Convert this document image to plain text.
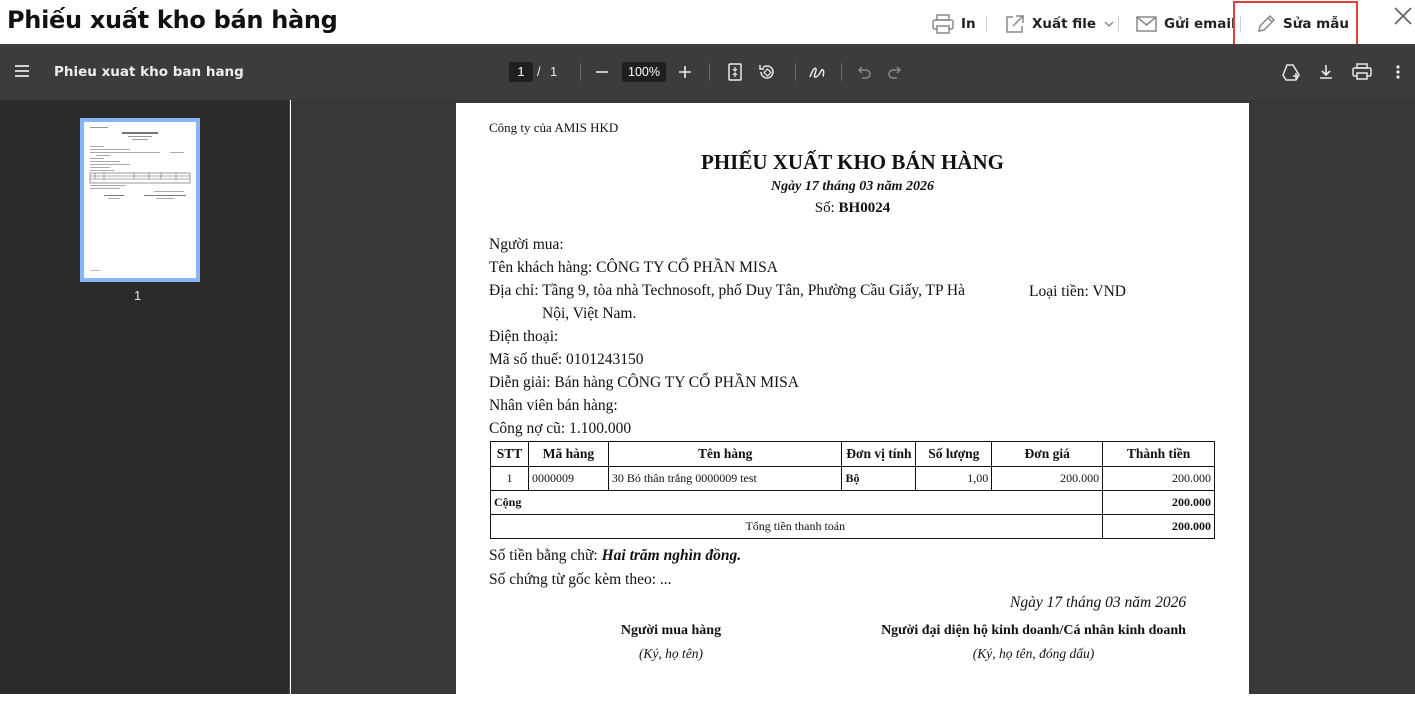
Phiếu xuất kho bán hàng	In	Xuất file	Gửi email	Sửa mẫu
Phieu xuat kho ban hang	1 / 1	100%
1
Công ty của AMIS HKD
PHIẾU XUẤT KHO BÁN HÀNG
Ngày 17 tháng 03 năm 2026
Số: BH0024
Người mua:
Tên khách hàng: CÔNG TY CỔ PHẦN MISA
Địa chỉ: Tầng 9, tòa nhà Technosoft, phố Duy Tân, Phường Cầu Giấy, TP Hà	Loại tiền: VND
Nội, Việt Nam.
Điện thoại:
Mã số thuế: 0101243150
Diễn giải: Bán hàng CÔNG TY CỔ PHẦN MISA
Nhân viên bán hàng:
Công nợ cũ: 1.100.000
STT	Mã hàng	Tên hàng	Đơn vị tính	Số lượng	Đơn giá	Thành tiền
1	0000009	30 Bó thân trắng 0000009 test	Bộ	1,00	200.000	200.000
Cộng						200.000
Tổng tiền thanh toán						200.000
Số tiền bằng chữ: Hai trăm nghìn đồng.
Số chứng từ gốc kèm theo: ...
Ngày 17 tháng 03 năm 2026
Người mua hàng
(Ký, họ tên)
Người đại diện hộ kinh doanh/Cá nhân kinh doanh
(Ký, họ tên, đóng dấu)
